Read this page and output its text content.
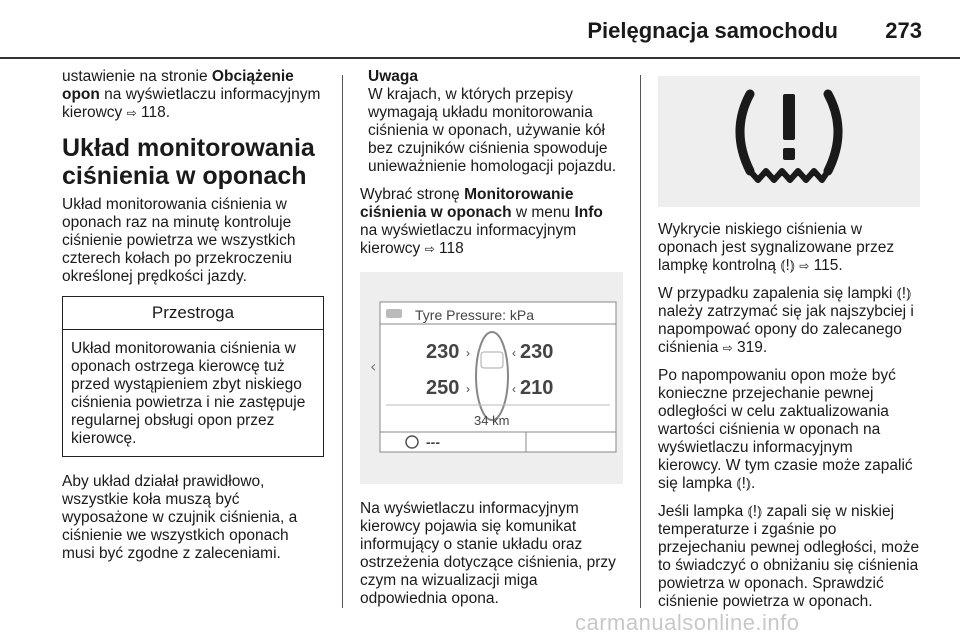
Pielęgnacja samochodu 273

ustawienie na stronie Obciążenie opon na wyświetlaczu informacyjnym kierowcy ⇨ 118.

Układ monitorowania ciśnienia w oponach

Układ monitorowania ciśnienia w oponach raz na minutę kontroluje ciśnienie powietrza we wszystkich czterech kołach po przekroczeniu określonej prędkości jazdy.

Przestroga
Układ monitorowania ciśnienia w oponach ostrzega kierowcę tuż przed wystąpieniem zbyt niskiego ciśnienia powietrza i nie zastępuje regularnej obsługi opon przez kierowcę.

Aby układ działał prawidłowo, wszystkie koła muszą być wyposażone w czujnik ciśnienia, a ciśnienie we wszystkich oponach musi być zgodne z zaleceniami.

Uwaga
W krajach, w których przepisy wymagają układu monitorowania ciśnienia w oponach, używanie kół bez czujników ciśnienia spowoduje unieważnienie homologacji pojazdu.

Wybrać stronę Monitorowanie ciśnienia w oponach w menu Info na wyświetlaczu informacyjnym kierowcy ⇨ 118

‹
Tyre Pressure: kPa
230 ›	‹ 230
250 ›	‹ 210
34 km
---

Na wyświetlaczu informacyjnym kierowcy pojawia się komunikat informujący o stanie układu oraz ostrzeżenia dotyczące ciśnienia, przy czym na wizualizacji miga odpowiednia opona.

Wykrycie niskiego ciśnienia w oponach jest sygnalizowane przez lampkę kontrolną ⦅!⦆ ⇨ 115.

W przypadku zapalenia się lampki ⦅!⦆ należy zatrzymać się jak najszybciej i napompować opony do zalecanego ciśnienia ⇨ 319.

Po napompowaniu opon może być konieczne przejechanie pewnej odległości w celu zaktualizowania wartości ciśnienia w oponach na wyświetlaczu informacyjnym kierowcy. W tym czasie może zapalić się lampka ⦅!⦆.

Jeśli lampka ⦅!⦆ zapali się w niskiej temperaturze i zgaśnie po przejechaniu pewnej odległości, może to świadczyć o obniżaniu się ciśnienia powietrza w oponach. Sprawdzić ciśnienie powietrza w oponach.

carmanualsonline.info
